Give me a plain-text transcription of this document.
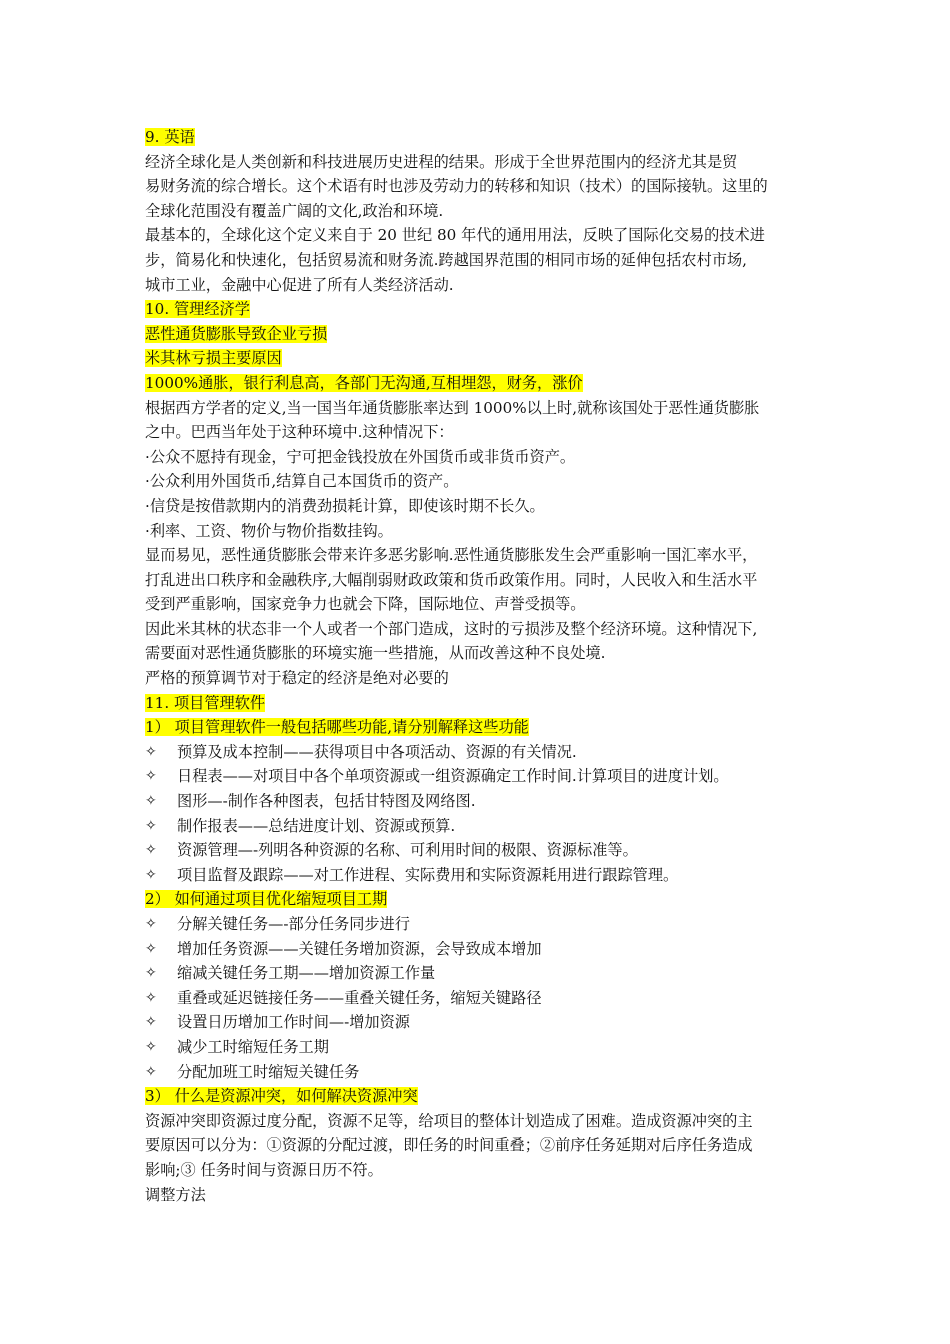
9. 英语
经济全球化是人类创新和科技进展历史进程的结果。形成于全世界范围内的经济尤其是贸
易财务流的综合增长。这个术语有时也涉及劳动力的转移和知识（技术）的国际接轨。这里的
全球化范围没有覆盖广阔的文化,政治和环境.
最基本的，全球化这个定义来自于 20 世纪 80 年代的通用用法，反映了国际化交易的技术进
步，简易化和快速化，包括贸易流和财务流.跨越国界范围的相同市场的延伸包括农村市场,
城市工业，金融中心促进了所有人类经济活动.
10. 管理经济学
恶性通货膨胀导致企业亏损
米其林亏损主要原因
1000%通胀，银行利息高，各部门无沟通,互相埋怨，财务，涨价
根据西方学者的定义,当一国当年通货膨胀率达到 1000%以上时,就称该国处于恶性通货膨胀
之中。巴西当年处于这种环境中.这种情况下：
·公众不愿持有现金，宁可把金钱投放在外国货币或非货币资产。
·公众利用外国货币,结算自己本国货币的资产。
·信贷是按借款期内的消费劲损耗计算，即使该时期不长久。
·利率、工资、物价与物价指数挂钩。
显而易见，恶性通货膨胀会带来许多恶劣影响.恶性通货膨胀发生会严重影响一国汇率水平，
打乱进出口秩序和金融秩序,大幅削弱财政政策和货币政策作用。同时，人民收入和生活水平
受到严重影响，国家竞争力也就会下降，国际地位、声誉受损等。
因此米其林的状态非一个人或者一个部门造成，这时的亏损涉及整个经济环境。这种情况下,
需要面对恶性通货膨胀的环境实施一些措施，从而改善这种不良处境.
严格的预算调节对于稳定的经济是绝对必要的
11. 项目管理软件
1） 项目管理软件一般包括哪些功能,请分别解释这些功能
✧	预算及成本控制——获得项目中各项活动、资源的有关情况.
✧	日程表——对项目中各个单项资源或一组资源确定工作时间.计算项目的进度计划。
✧	图形—-制作各种图表，包括甘特图及网络图.
✧	制作报表——总结进度计划、资源或预算.
✧	资源管理—-列明各种资源的名称、可利用时间的极限、资源标准等。
✧	项目监督及跟踪——对工作进程、实际费用和实际资源耗用进行跟踪管理。
2） 如何通过项目优化缩短项目工期
✧	分解关键任务—-部分任务同步进行
✧	增加任务资源——关键任务增加资源，会导致成本增加
✧	缩减关键任务工期——增加资源工作量
✧	重叠或延迟链接任务——重叠关键任务，缩短关键路径
✧	设置日历增加工作时间—-增加资源
✧	减少工时缩短任务工期
✧	分配加班工时缩短关键任务
3） 什么是资源冲突，如何解决资源冲突
资源冲突即资源过度分配，资源不足等，给项目的整体计划造成了困难。造成资源冲突的主
要原因可以分为：①资源的分配过渡，即任务的时间重叠；②前序任务延期对后序任务造成
影响;③ 任务时间与资源日历不符。
调整方法
